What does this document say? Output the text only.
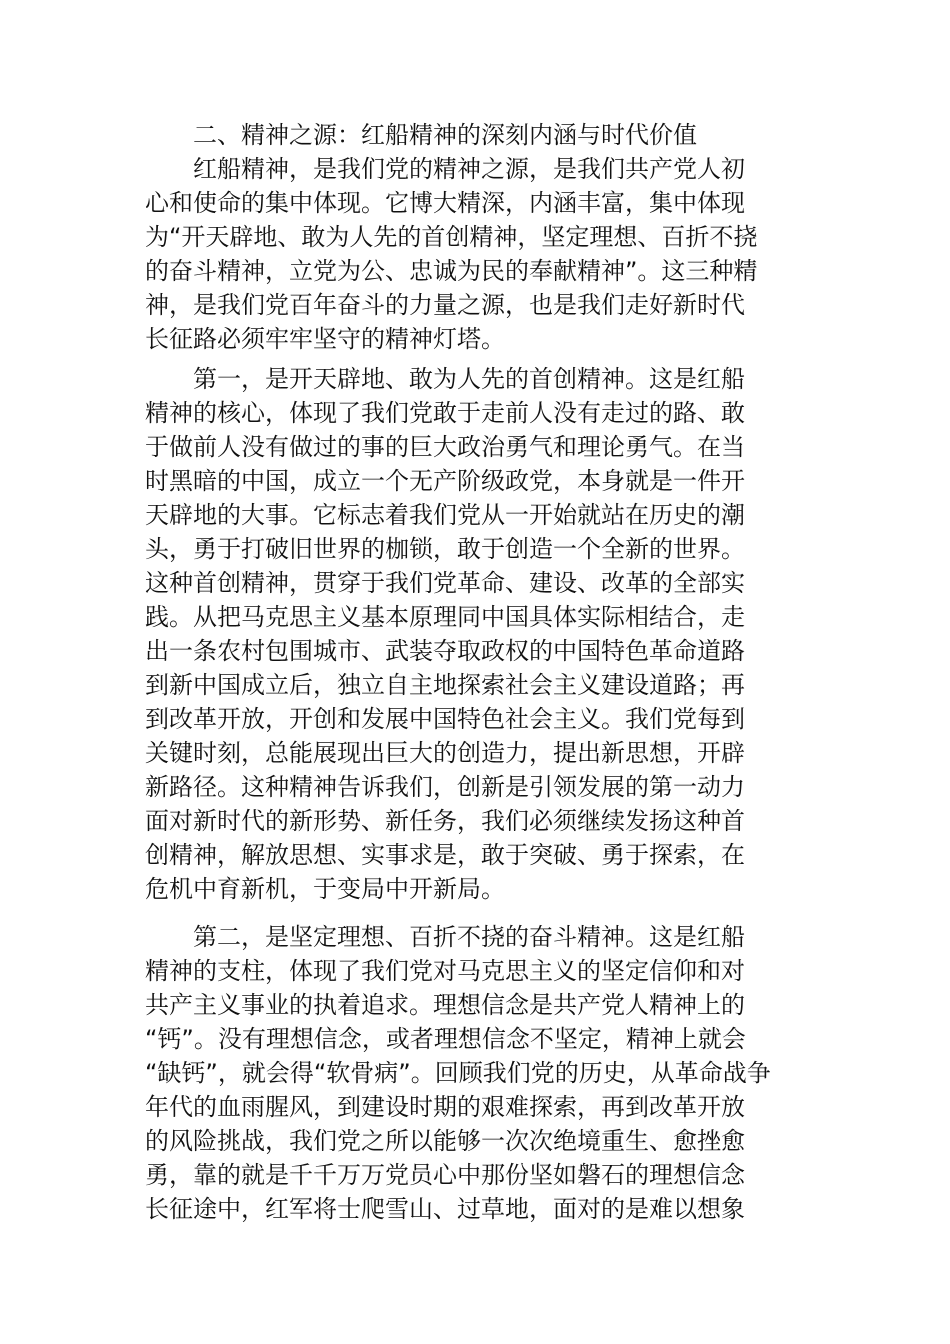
二、精神之源：红船精神的深刻内涵与时代价值
红船精神，是我们党的精神之源，是我们共产党人初
心和使命的集中体现。它博大精深，内涵丰富，集中体现
为“开天辟地、敢为人先的首创精神，坚定理想、百折不挠
的奋斗精神，立党为公、忠诚为民的奉献精神”。这三种精
神，是我们党百年奋斗的力量之源，也是我们走好新时代
长征路必须牢牢坚守的精神灯塔。
第一，是开天辟地、敢为人先的首创精神。这是红船
精神的核心，体现了我们党敢于走前人没有走过的路、敢
于做前人没有做过的事的巨大政治勇气和理论勇气。在当
时黑暗的中国，成立一个无产阶级政党，本身就是一件开
天辟地的大事。它标志着我们党从一开始就站在历史的潮
头，勇于打破旧世界的枷锁，敢于创造一个全新的世界。
这种首创精神，贯穿于我们党革命、建设、改革的全部实
践。从把马克思主义基本原理同中国具体实际相结合，走
出一条农村包围城市、武装夺取政权的中国特色革命道路
到新中国成立后，独立自主地探索社会主义建设道路；再
到改革开放，开创和发展中国特色社会主义。我们党每到
关键时刻，总能展现出巨大的创造力，提出新思想，开辟
新路径。这种精神告诉我们，创新是引领发展的第一动力
面对新时代的新形势、新任务，我们必须继续发扬这种首
创精神，解放思想、实事求是，敢于突破、勇于探索，在
危机中育新机，于变局中开新局。
第二，是坚定理想、百折不挠的奋斗精神。这是红船
精神的支柱，体现了我们党对马克思主义的坚定信仰和对
共产主义事业的执着追求。理想信念是共产党人精神上的
“钙”。没有理想信念，或者理想信念不坚定，精神上就会
“缺钙”，就会得“软骨病”。回顾我们党的历史，从革命战争
年代的血雨腥风，到建设时期的艰难探索，再到改革开放
的风险挑战，我们党之所以能够一次次绝境重生、愈挫愈
勇，靠的就是千千万万党员心中那份坚如磐石的理想信念
长征途中，红军将士爬雪山、过草地，面对的是难以想象
